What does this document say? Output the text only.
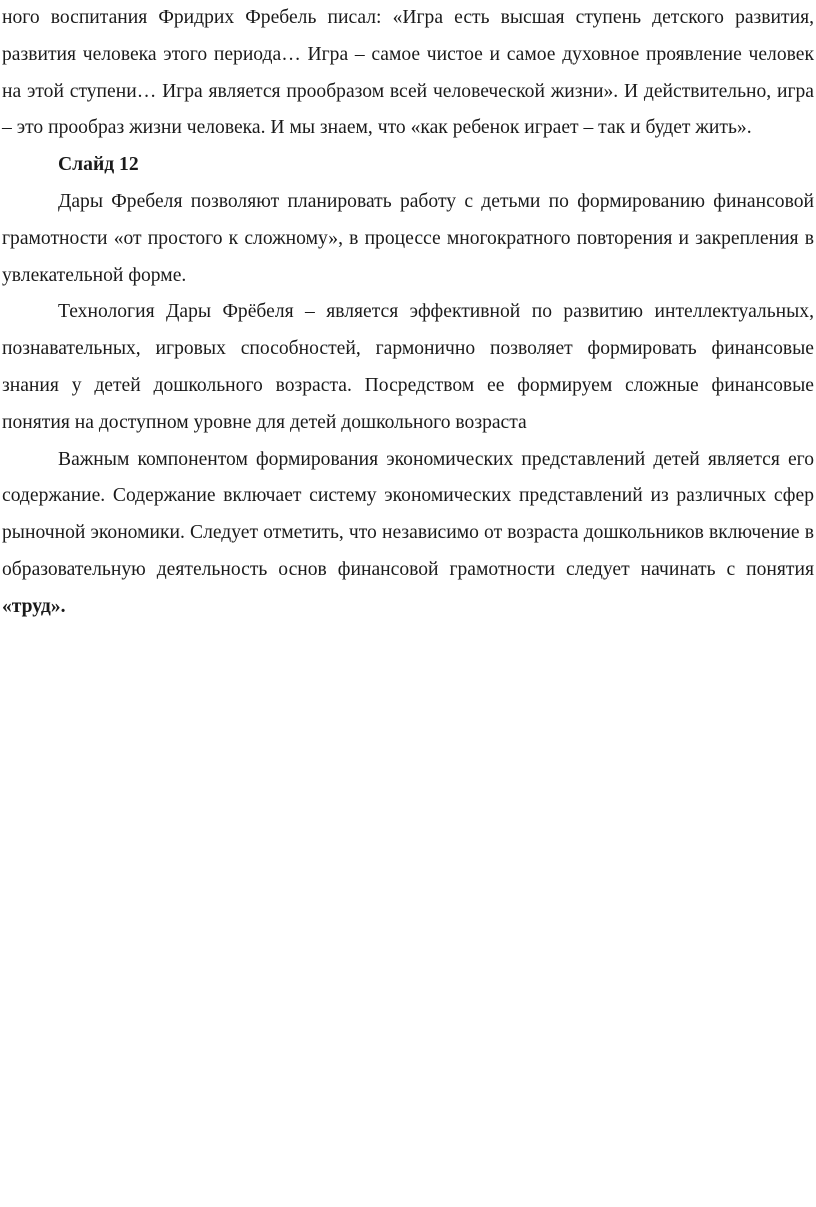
ного воспитания Фридрих Фребель писал: «Игра есть высшая ступень детского развития, развития человека этого периода… Игра – самое чистое и самое духовное проявление человек на этой ступени… Игра является прообразом всей человеческой жизни». И действительно, игра – это прообраз жизни человека. И мы знаем, что «как ребенок играет – так и будет жить».

Слайд 12

Дары Фребеля позволяют планировать работу с детьми по формированию финансовой грамотности «от простого к сложному», в процессе многократного повторения и закрепления в увлекательной форме.

Технология Дары Фрёбеля – является эффективной по развитию интеллектуальных, познавательных, игровых способностей, гармонично позволяет формировать финансовые знания у детей дошкольного возраста. Посредством ее формируем сложные финансовые понятия на доступном уровне для детей дошкольного возраста

Важным компонентом формирования экономических представлений детей является его содержание. Содержание включает систему экономических представлений из различных сфер рыночной экономики. Следует отметить, что независимо от возраста дошкольников включение в образовательную деятельность основ финансовой грамотности следует начинать с понятия «труд».
